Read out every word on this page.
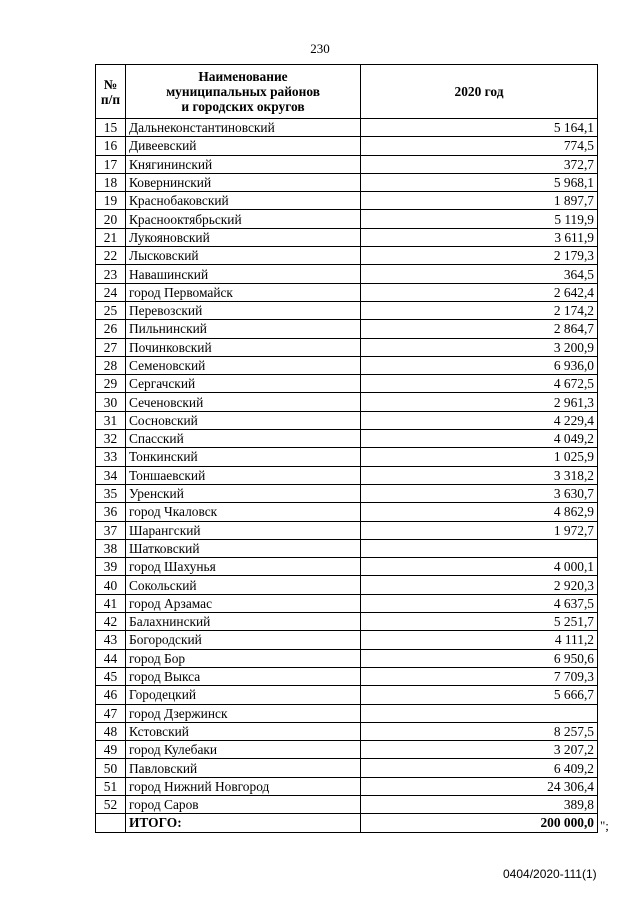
230
№
п/п	Наименование
муниципальных районов
и городских округов	2020 год
15	Дальнеконстантиновский	5 164,1
16	Дивеевский	774,5
17	Княгининский	372,7
18	Ковернинский	5 968,1
19	Краснобаковский	1 897,7
20	Краснооктябрьский	5 119,9
21	Лукояновский	3 611,9
22	Лысковский	2 179,3
23	Навашинский	364,5
24	город Первомайск	2 642,4
25	Перевозский	2 174,2
26	Пильнинский	2 864,7
27	Починковский	3 200,9
28	Семеновский	6 936,0
29	Сергачский	4 672,5
30	Сеченовский	2 961,3
31	Сосновский	4 229,4
32	Спасский	4 049,2
33	Тонкинский	1 025,9
34	Тоншаевский	3 318,2
35	Уренский	3 630,7
36	город Чкаловск	4 862,9
37	Шарангский	1 972,7
38	Шатковский	
39	город Шахунья	4 000,1
40	Сокольский	2 920,3
41	город Арзамас	4 637,5
42	Балахнинский	5 251,7
43	Богородский	4 111,2
44	город Бор	6 950,6
45	город Выкса	7 709,3
46	Городецкий	5 666,7
47	город Дзержинск	
48	Кстовский	8 257,5
49	город Кулебаки	3 207,2
50	Павловский	6 409,2
51	город Нижний Новгород	24 306,4
52	город Саров	389,8
	ИТОГО:	200 000,0 ";
0404/2020-111(1)
